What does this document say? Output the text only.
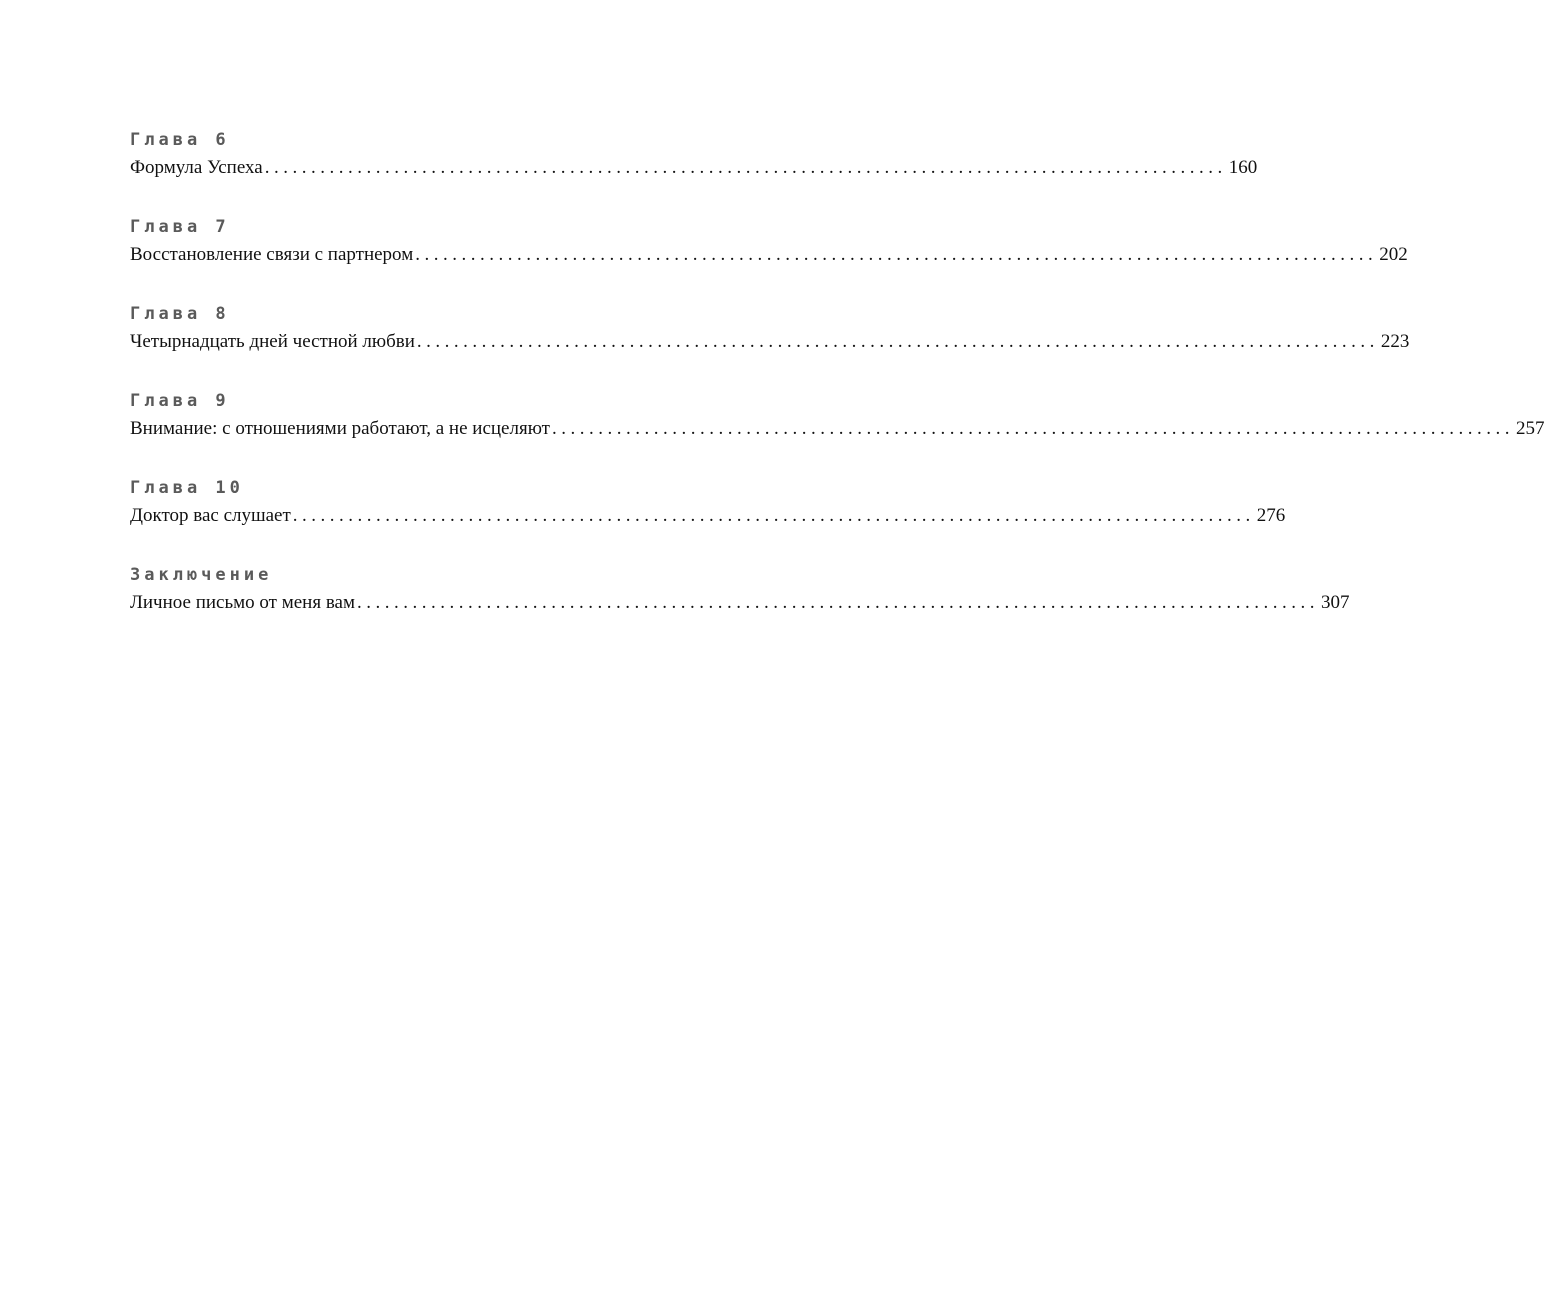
Глава 6
Формула Успеха ........................................................................................................ 160
Глава 7
Восстановление связи с партнером ........................................................................................................ 202
Глава 8
Четырнадцать дней честной любви ........................................................................................................ 223
Глава 9
Внимание: с отношениями работают, а не исцеляют ........................................................................................................ 257
Глава 10
Доктор вас слушает ........................................................................................................ 276
Заключение
Личное письмо от меня вам ........................................................................................................ 307
